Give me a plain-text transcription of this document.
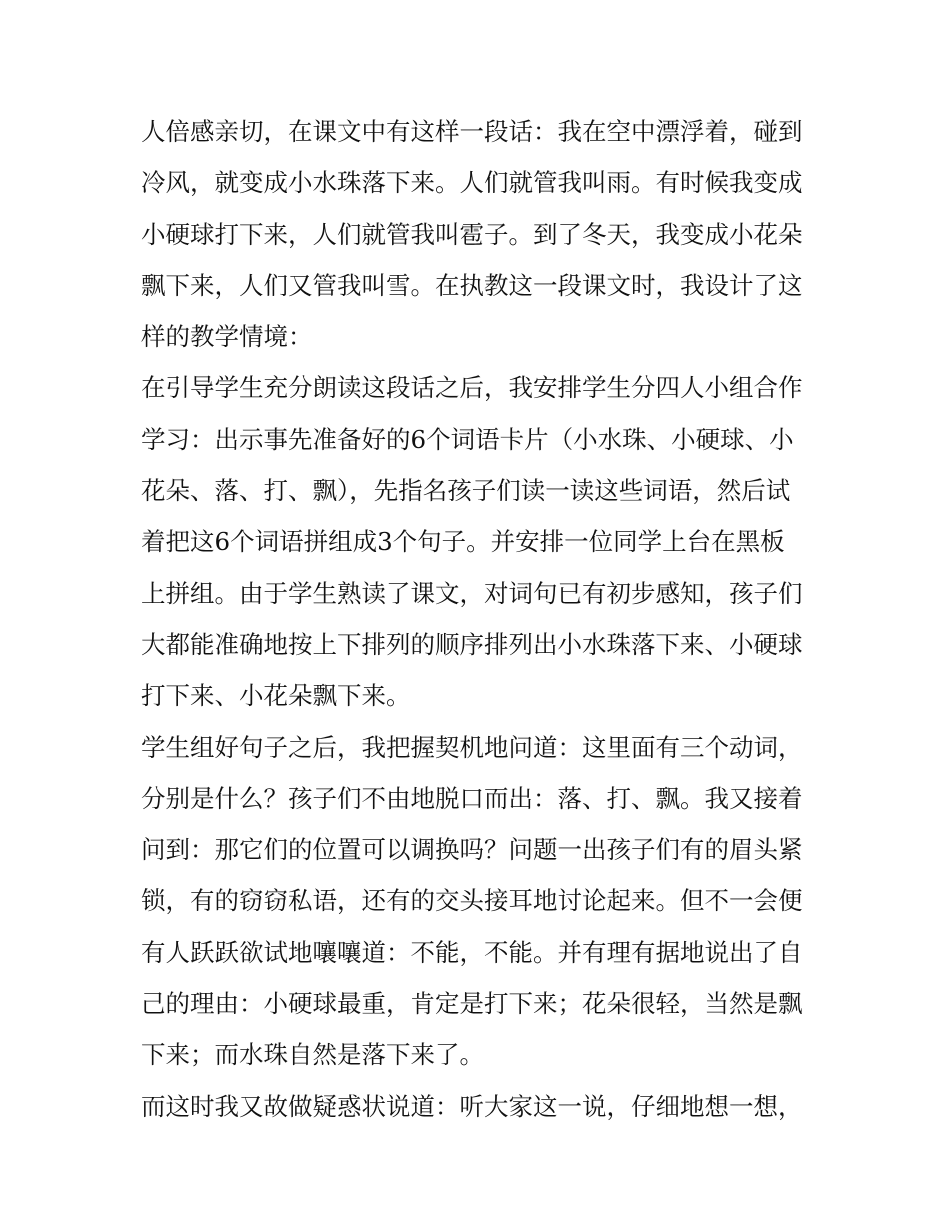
人倍感亲切，在课文中有这样一段话：我在空中漂浮着，碰到
冷风，就变成小水珠落下来。人们就管我叫雨。有时候我变成
小硬球打下来，人们就管我叫雹子。到了冬天，我变成小花朵
飘下来，人们又管我叫雪。在执教这一段课文时，我设计了这
样的教学情境：
在引导学生充分朗读这段话之后，我安排学生分四人小组合作
学习：出示事先准备好的6个词语卡片（小水珠、小硬球、小
花朵、落、打、飘），先指名孩子们读一读这些词语，然后试
着把这6个词语拼组成3个句子。并安排一位同学上台在黑板
上拼组。由于学生熟读了课文，对词句已有初步感知，孩子们
大都能准确地按上下排列的顺序排列出小水珠落下来、小硬球
打下来、小花朵飘下来。
学生组好句子之后，我把握契机地问道：这里面有三个动词，
分别是什么？孩子们不由地脱口而出：落、打、飘。我又接着
问到：那它们的位置可以调换吗？问题一出孩子们有的眉头紧
锁，有的窃窃私语，还有的交头接耳地讨论起来。但不一会便
有人跃跃欲试地嚷嚷道：不能，不能。并有理有据地说出了自
己的理由：小硬球最重，肯定是打下来；花朵很轻，当然是飘
下来；而水珠自然是落下来了。
而这时我又故做疑惑状说道：听大家这一说，仔细地想一想，
